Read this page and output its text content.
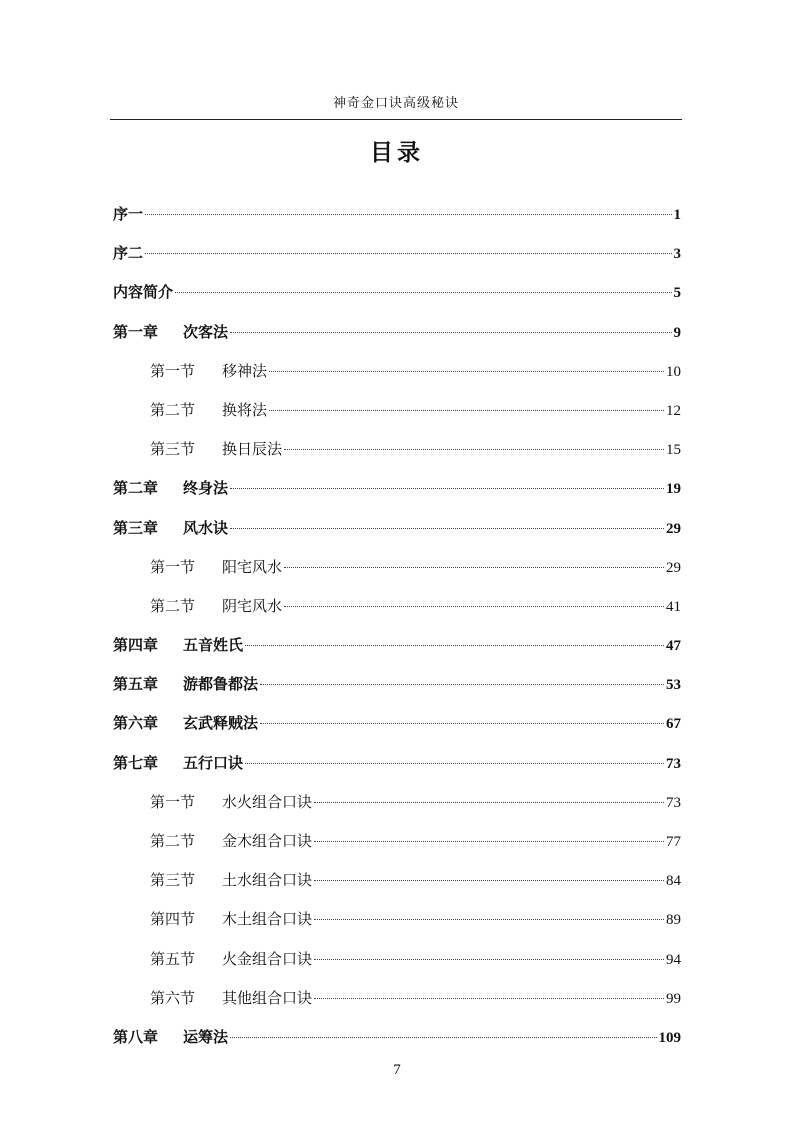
神奇金口诀高级秘诀
目录
序一	1
序二	3
内容简介	5
第一章	次客法	9
第一节	移神法	10
第二节	换将法	12
第三节	换日辰法	15
第二章	终身法	19
第三章	风水诀	29
第一节	阳宅风水	29
第二节	阴宅风水	41
第四章	五音姓氏	47
第五章	游都鲁都法	53
第六章	玄武释贼法	67
第七章	五行口诀	73
第一节	水火组合口诀	73
第二节	金木组合口诀	77
第三节	土水组合口诀	84
第四节	木土组合口诀	89
第五节	火金组合口诀	94
第六节	其他组合口诀	99
第八章	运筹法	109
7
